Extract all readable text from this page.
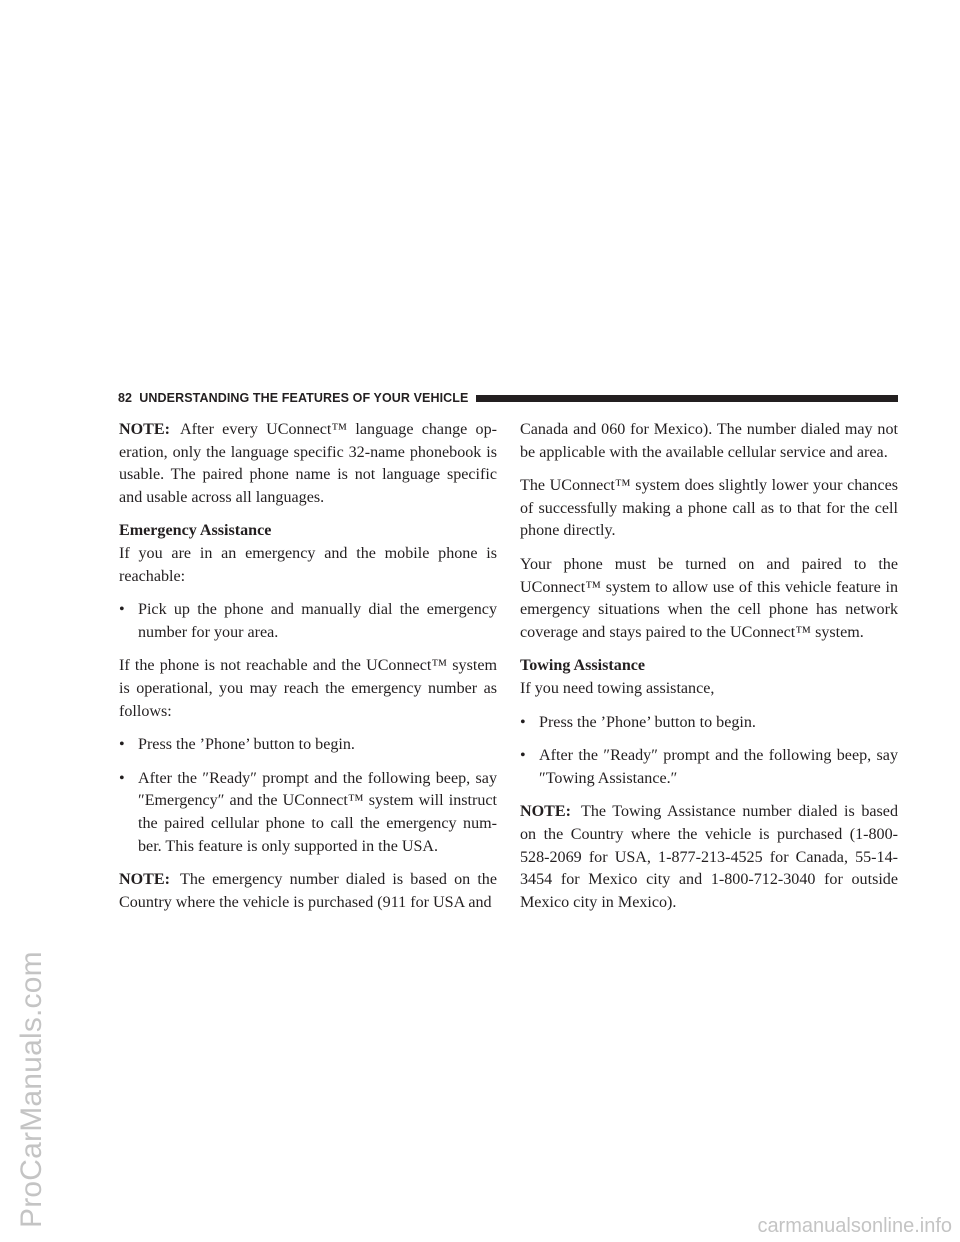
82 UNDERSTANDING THE FEATURES OF YOUR VEHICLE

NOTE: After every UConnect™ language change op-eration, only the language specific 32-name phonebook is usable. The paired phone name is not language specific and usable across all languages.

Emergency Assistance
If you are in an emergency and the mobile phone is reachable:

• Pick up the phone and manually dial the emergency number for your area.

If the phone is not reachable and the UConnect™ system is operational, you may reach the emergency number as follows:

• Press the ’Phone’ button to begin.
• After the ″Ready″ prompt and the following beep, say ″Emergency″ and the UConnect™ system will instruct the paired cellular phone to call the emergency num-ber. This feature is only supported in the USA.

NOTE: The emergency number dialed is based on the Country where the vehicle is purchased (911 for USA and

Canada and 060 for Mexico). The number dialed may not be applicable with the available cellular service and area.

The UConnect™ system does slightly lower your chances of successfully making a phone call as to that for the cell phone directly.

Your phone must be turned on and paired to the UConnect™ system to allow use of this vehicle feature in emergency situations when the cell phone has network coverage and stays paired to the UConnect™ system.

Towing Assistance
If you need towing assistance,

• Press the ’Phone’ button to begin.
• After the ″Ready″ prompt and the following beep, say ″Towing Assistance.″

NOTE: The Towing Assistance number dialed is based on the Country where the vehicle is purchased (1-800-528-2069 for USA, 1-877-213-4525 for Canada, 55-14-3454 for Mexico city and 1-800-712-3040 for outside Mexico city in Mexico).

ProCarManuals.com	carmanualsonline.info
